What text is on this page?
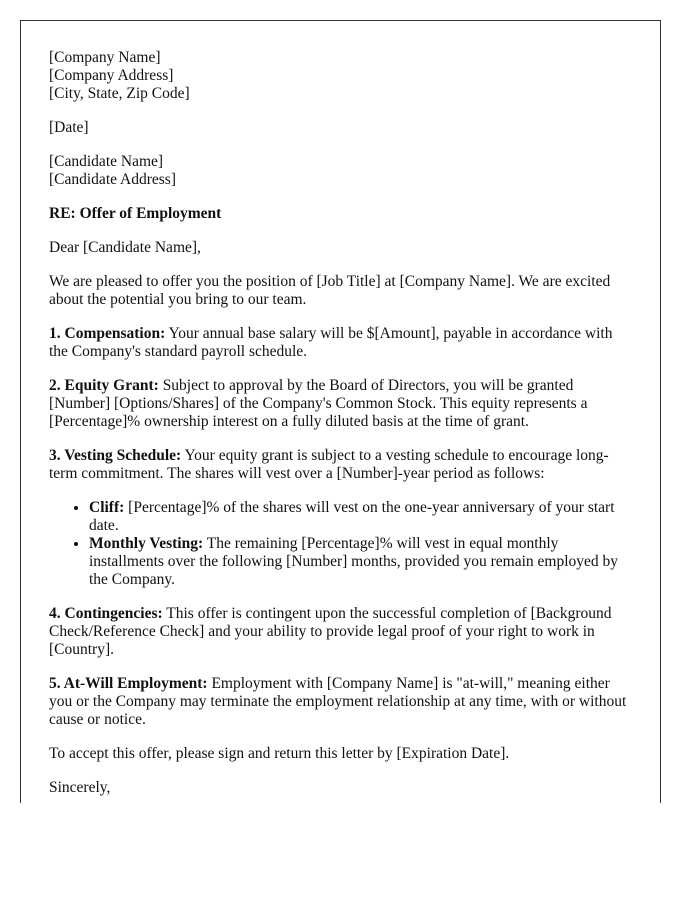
[Company Name]
[Company Address]
[City, State, Zip Code]

[Date]

[Candidate Name]
[Candidate Address]

RE: Offer of Employment

Dear [Candidate Name],

We are pleased to offer you the position of [Job Title] at [Company Name]. We are excited about the potential you bring to our team.

1. Compensation: Your annual base salary will be $[Amount], payable in accordance with the Company's standard payroll schedule.

2. Equity Grant: Subject to approval by the Board of Directors, you will be granted [Number] [Options/Shares] of the Company's Common Stock. This equity represents a [Percentage]% ownership interest on a fully diluted basis at the time of grant.

3. Vesting Schedule: Your equity grant is subject to a vesting schedule to encourage long-term commitment. The shares will vest over a [Number]-year period as follows:

• Cliff: [Percentage]% of the shares will vest on the one-year anniversary of your start date.
• Monthly Vesting: The remaining [Percentage]% will vest in equal monthly installments over the following [Number] months, provided you remain employed by the Company.

4. Contingencies: This offer is contingent upon the successful completion of [Background Check/Reference Check] and your ability to provide legal proof of your right to work in [Country].

5. At-Will Employment: Employment with [Company Name] is "at-will," meaning either you or the Company may terminate the employment relationship at any time, with or without cause or notice.

To accept this offer, please sign and return this letter by [Expiration Date].

Sincerely,
